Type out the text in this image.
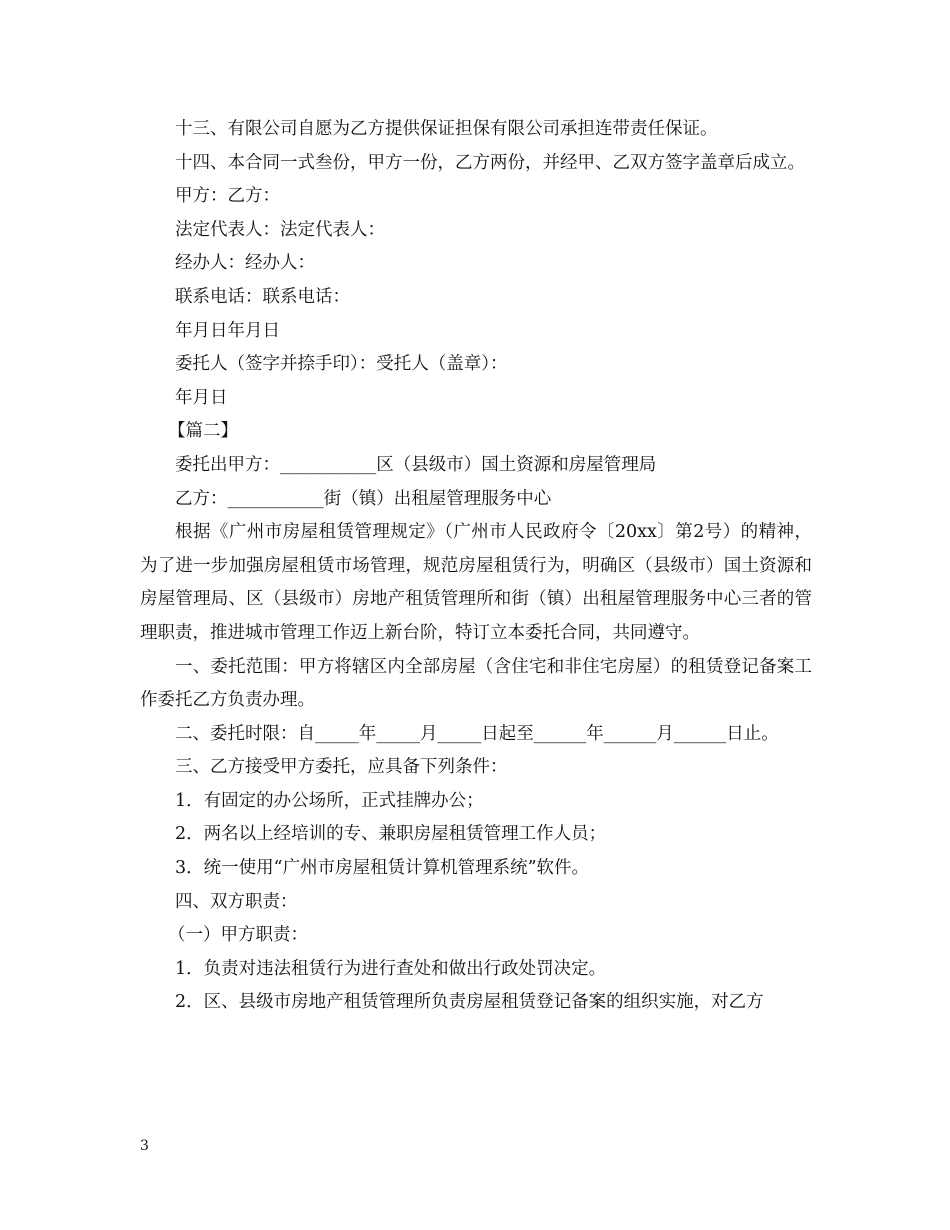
十三、有限公司自愿为乙方提供保证担保有限公司承担连带责任保证。

十四、本合同一式叁份，甲方一份，乙方两份，并经甲、乙双方签字盖章后成立。

甲方：乙方：

法定代表人：法定代表人：

经办人：经办人：

联系电话：联系电话：

年月日年月日

委托人（签字并捺手印）：受托人（盖章）：

年月日

【篇二】

委托出甲方：___________区（县级市）国土资源和房屋管理局

乙方：___________街（镇）出租屋管理服务中心

根据《广州市房屋租赁管理规定》（广州市人民政府令〔20xx〕第2号）的精神，为了进一步加强房屋租赁市场管理，规范房屋租赁行为，明确区（县级市）国土资源和房屋管理局、区（县级市）房地产租赁管理所和街（镇）出租屋管理服务中心三者的管理职责，推进城市管理工作迈上新台阶，特订立本委托合同，共同遵守。

一、委托范围：甲方将辖区内全部房屋（含住宅和非住宅房屋）的租赁登记备案工作委托乙方负责办理。

二、委托时限：自_____年_____月_____日起至______年______月______日止。

三、乙方接受甲方委托，应具备下列条件：

1．有固定的办公场所，正式挂牌办公；

2．两名以上经培训的专、兼职房屋租赁管理工作人员；

3．统一使用“广州市房屋租赁计算机管理系统”软件。

四、双方职责：

（一）甲方职责：

1．负责对违法租赁行为进行查处和做出行政处罚决定。

2．区、县级市房地产租赁管理所负责房屋租赁登记备案的组织实施，对乙方

3
